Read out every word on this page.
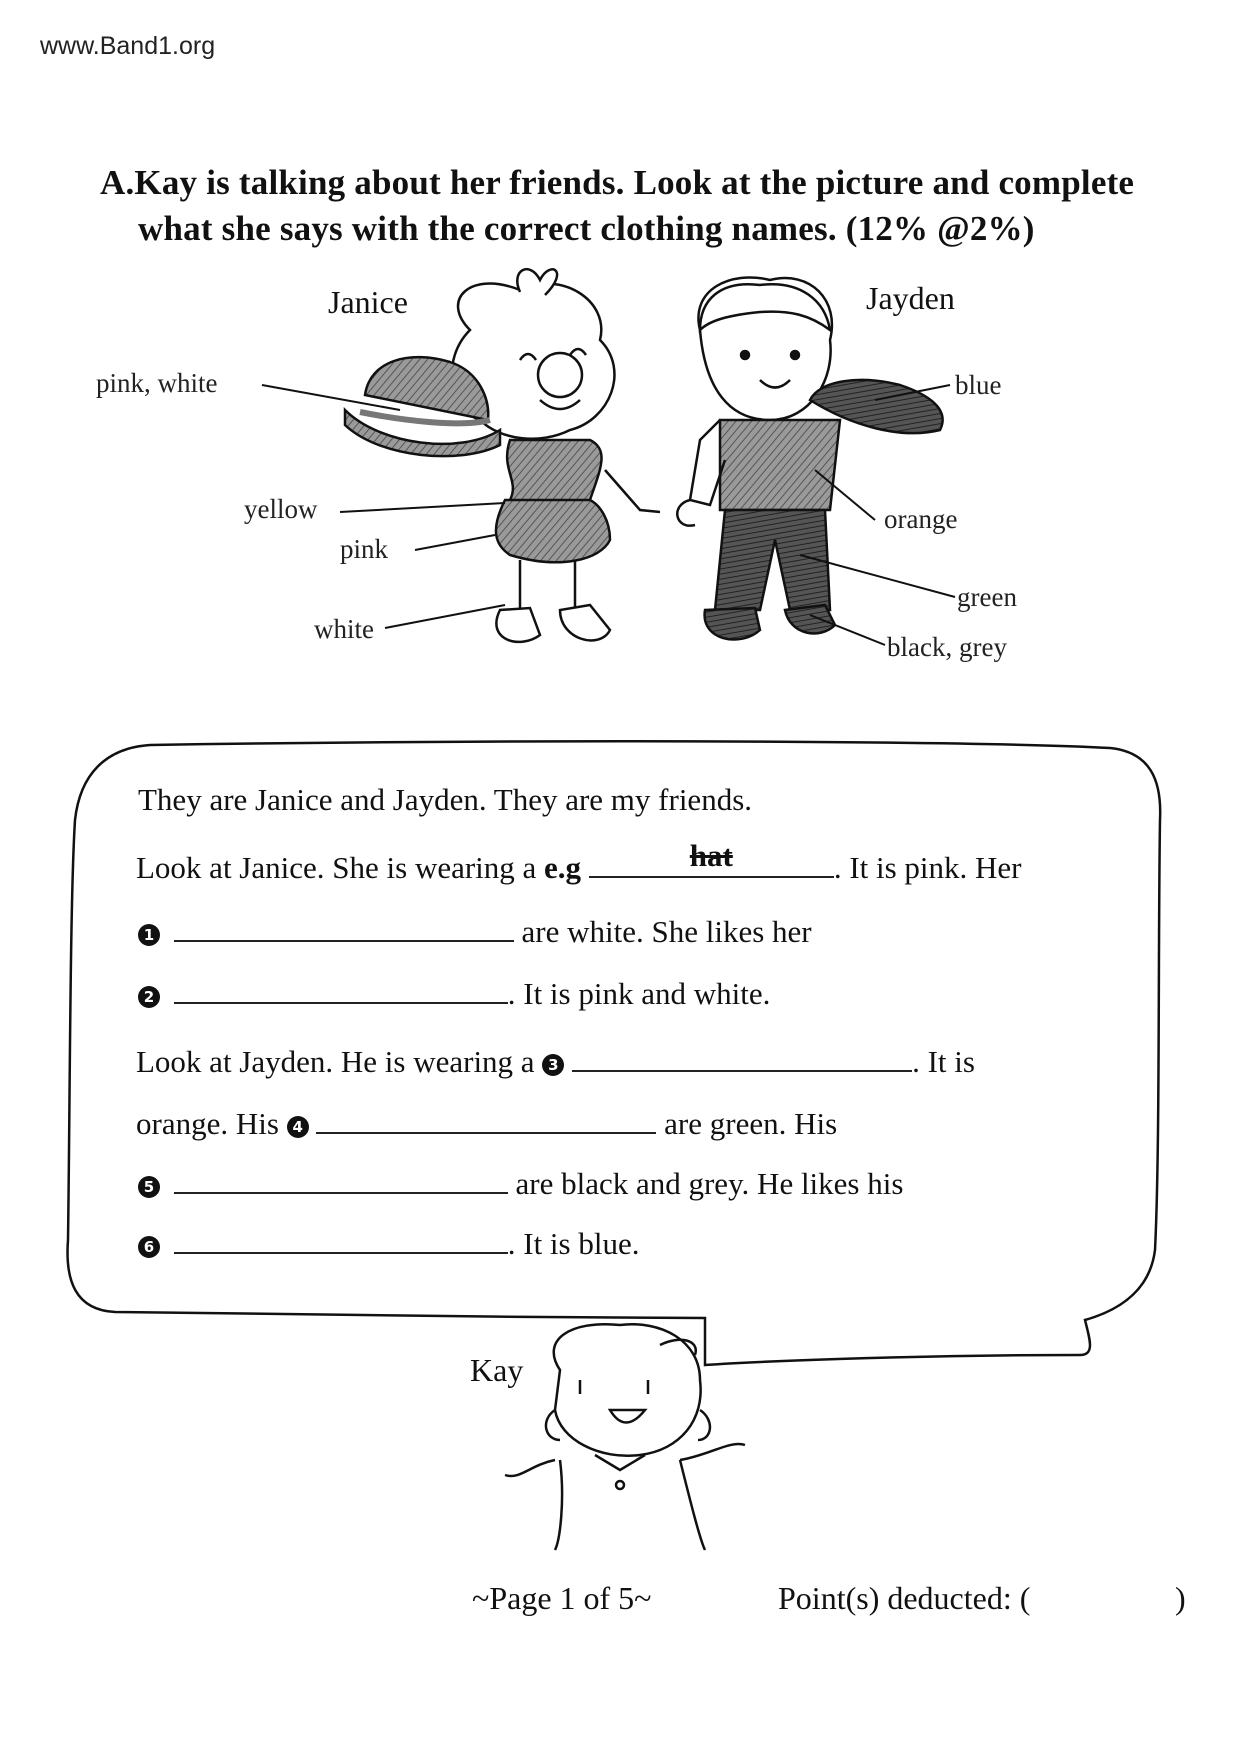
www.Band1.org
A.Kay is talking about her friends. Look at the picture and complete
what she says with the correct clothing names. (12% @2%)
Janice	Jayden
pink, white
yellow
pink
white
blue
orange
green
black, grey
They are Janice and Jayden. They are my friends.
Look at Janice. She is wearing a e.g	hat	. It is pink. Her
1	are white. She likes her
2	. It is pink and white.
Look at Jayden. He is wearing a 3	. It is
orange. His 4	are green. His
5	are black and grey. He likes his
6	. It is blue.
Kay
~Page 1 of 5~	Point(s) deducted: (	)
